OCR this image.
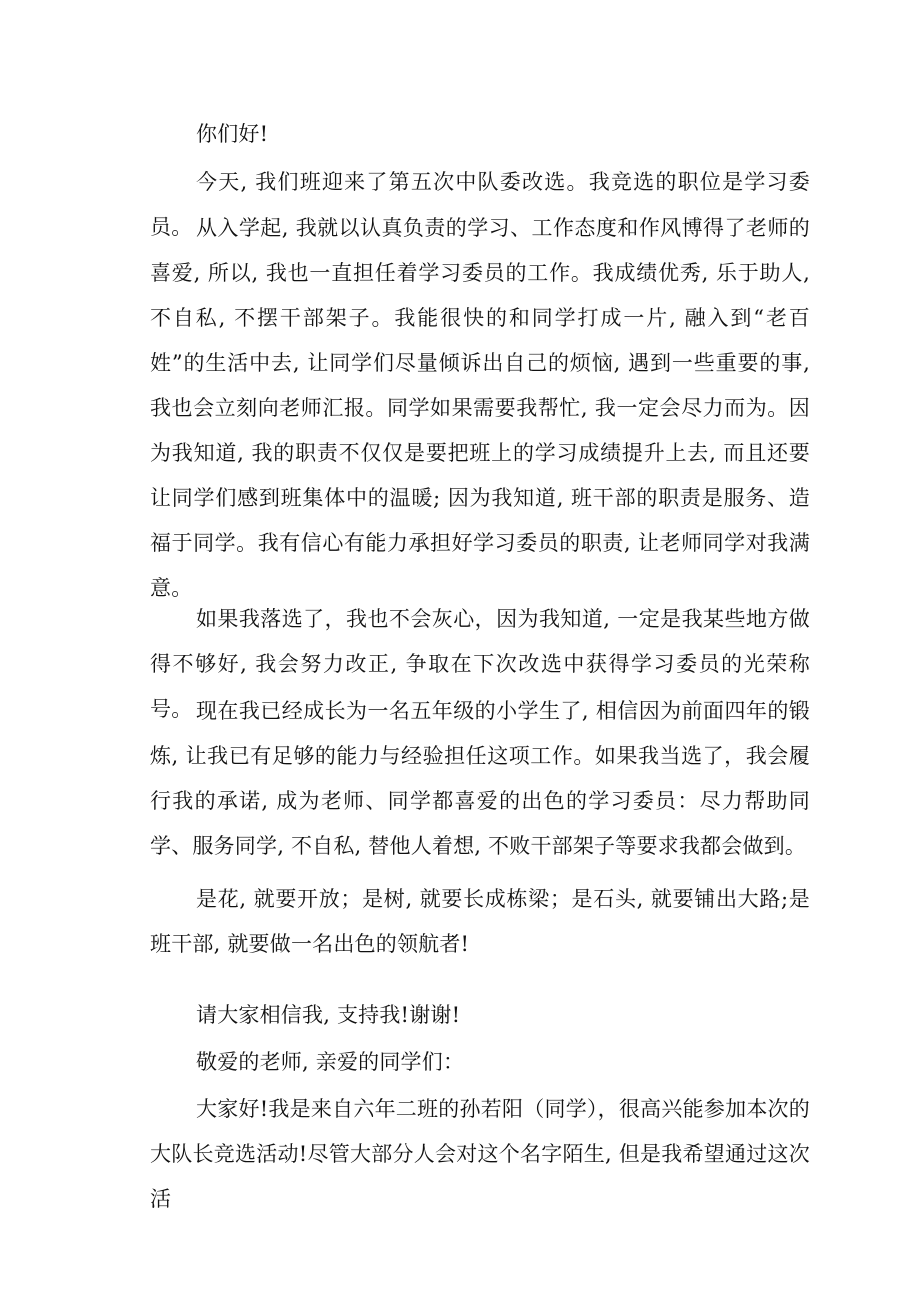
你们好!

今天, 我们班迎来了第五次中队委改选。我竞选的职位是学习委员。 从入学起, 我就以认真负责的学习、工作态度和作风博得了老师的喜爱, 所以, 我也一直担任着学习委员的工作。我成绩优秀, 乐于助人, 不自私, 不摆干部架子。我能很快的和同学打成一片, 融入到“老百姓”的生活中去, 让同学们尽量倾诉出自己的烦恼, 遇到一些重要的事, 我也会立刻向老师汇报。同学如果需要我帮忙, 我一定会尽力而为。因为我知道, 我的职责不仅仅是要把班上的学习成绩提升上去, 而且还要让同学们感到班集体中的温暖; 因为我知道, 班干部的职责是服务、造福于同学。我有信心有能力承担好学习委员的职责, 让老师同学对我满意。

如果我落选了，我也不会灰心，因为我知道, 一定是我某些地方做得不够好, 我会努力改正, 争取在下次改选中获得学习委员的光荣称号。 现在我已经成长为一名五年级的小学生了, 相信因为前面四年的锻炼, 让我已有足够的能力与经验担任这项工作。如果我当选了，我会履行我的承诺, 成为老师、同学都喜爱的出色的学习委员：尽力帮助同学、服务同学, 不自私, 替他人着想, 不败干部架子等要求我都会做到。

是花, 就要开放；是树, 就要长成栋梁；是石头, 就要铺出大路;是班干部, 就要做一名出色的领航者!

请大家相信我, 支持我!谢谢!

敬爱的老师, 亲爱的同学们：

大家好!我是来自六年二班的孙若阳（同学），很高兴能参加本次的大队长竞选活动!尽管大部分人会对这个名字陌生, 但是我希望通过这次活
